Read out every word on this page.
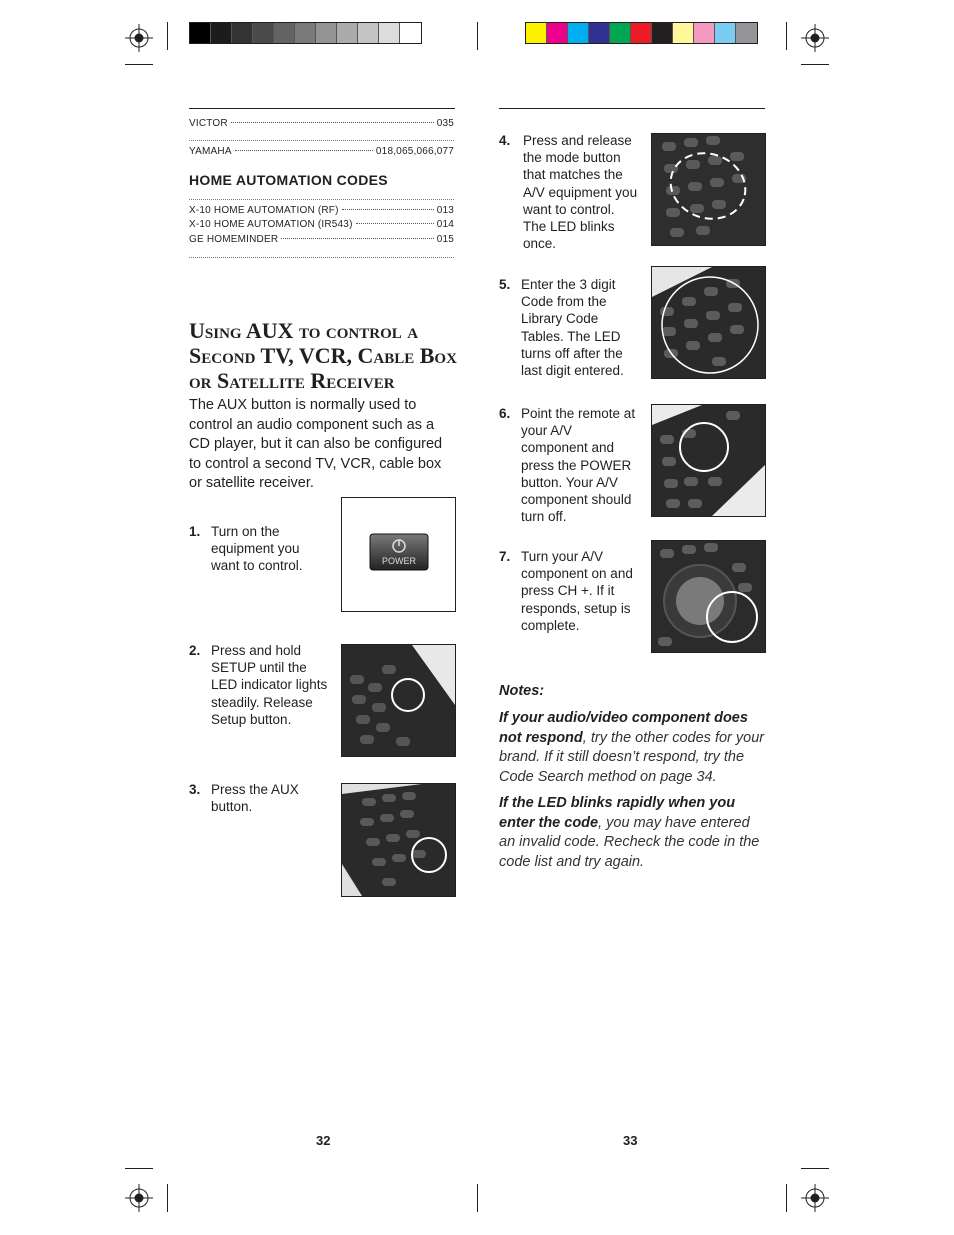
VICTOR	035
YAMAHA	018,065,066,077
HOME AUTOMATION CODES
X-10 HOME AUTOMATION (RF)	013
X-10 HOME AUTOMATION (IR543)	014
GE HOMEMINDER	015
Using AUX to control a
Second TV, VCR, Cable Box
or Satellite Receiver
The AUX button is normally used to control an audio component such as a CD player, but it can also be configured to control a second TV, VCR, cable box or satellite receiver.
1. Turn on the equipment you want to control.	POWER
2. Press and hold SETUP until the LED indicator lights steadily. Release Setup button.
3. Press the AUX button.
4. Press and release the mode button that matches the A/V equipment you want to control. The LED blinks once.
5. Enter the 3 digit Code from the Library Code Tables. The LED turns off after the last digit entered.
6. Point the remote at your A/V component and press the POWER button. Your A/V component should turn off.
7. Turn your A/V component on and press CH +. If it responds, setup is complete.
Notes:
If your audio/video component does not respond, try the other codes for your brand. If it still doesn’t respond, try the Code Search method on page 34.
If the LED blinks rapidly when you enter the code, you may have entered an invalid code. Recheck the code in the code list and try again.
32	33
